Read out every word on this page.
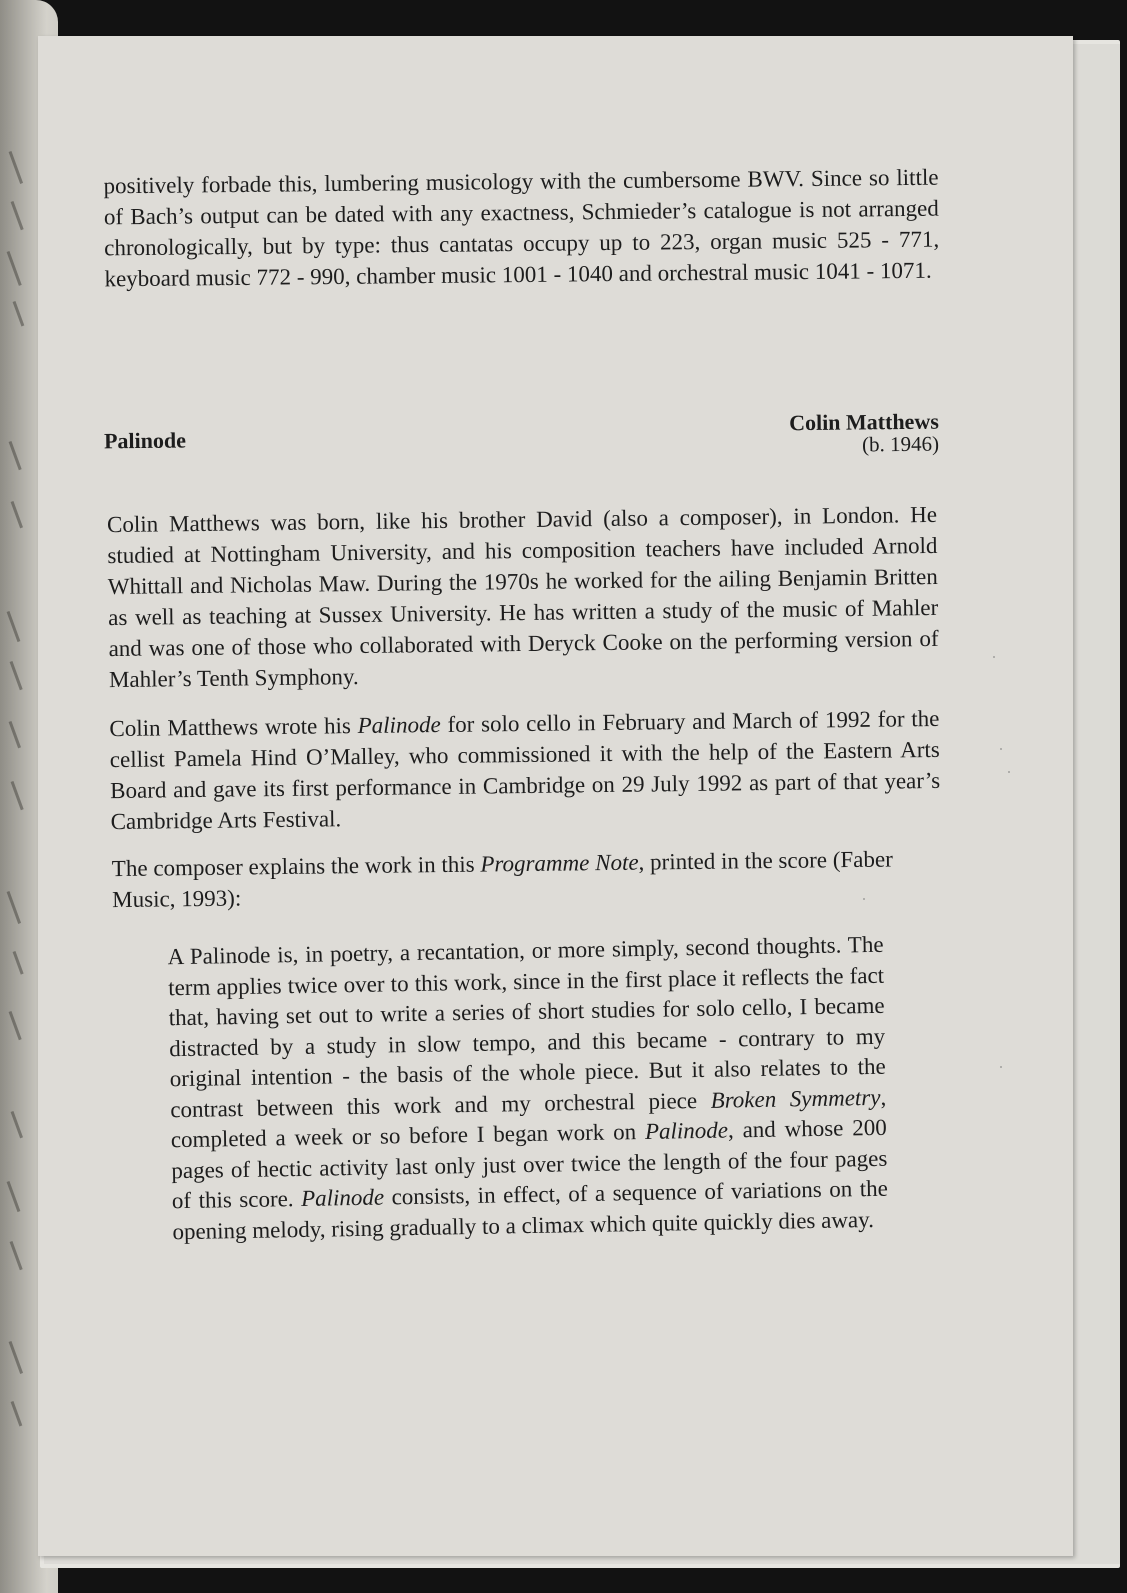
positively forbade this, lumbering musicology with the cumbersome BWV. Since so little of Bach’s output can be dated with any exactness, Schmieder’s catalogue is not arranged chronologically, but by type: thus cantatas occupy up to 223, organ music 525 - 771, keyboard music 772 - 990, chamber music 1001 - 1040 and orchestral music 1041 - 1071.
Palinode
Colin Matthews
(b. 1946)
Colin Matthews was born, like his brother David (also a composer), in London. He studied at Nottingham University, and his composition teachers have included Arnold Whittall and Nicholas Maw. During the 1970s he worked for the ailing Benjamin Britten as well as teaching at Sussex University. He has written a study of the music of Mahler and was one of those who collaborated with Deryck Cooke on the performing version of Mahler’s Tenth Symphony.
Colin Matthews wrote his Palinode for solo cello in February and March of 1992 for the cellist Pamela Hind O’Malley, who commissioned it with the help of the Eastern Arts Board and gave its first performance in Cambridge on 29 July 1992 as part of that year’s Cambridge Arts Festival.
The composer explains the work in this Programme Note, printed in the score (Faber Music, 1993):
A Palinode is, in poetry, a recantation, or more simply, second thoughts. The term applies twice over to this work, since in the first place it reflects the fact that, having set out to write a series of short studies for solo cello, I became distracted by a study in slow tempo, and this became - contrary to my original intention - the basis of the whole piece. But it also relates to the contrast between this work and my orchestral piece Broken Symmetry, completed a week or so before I began work on Palinode, and whose 200 pages of hectic activity last only just over twice the length of the four pages of this score. Palinode consists, in effect, of a sequence of variations on the opening melody, rising gradually to a climax which quite quickly dies away.
